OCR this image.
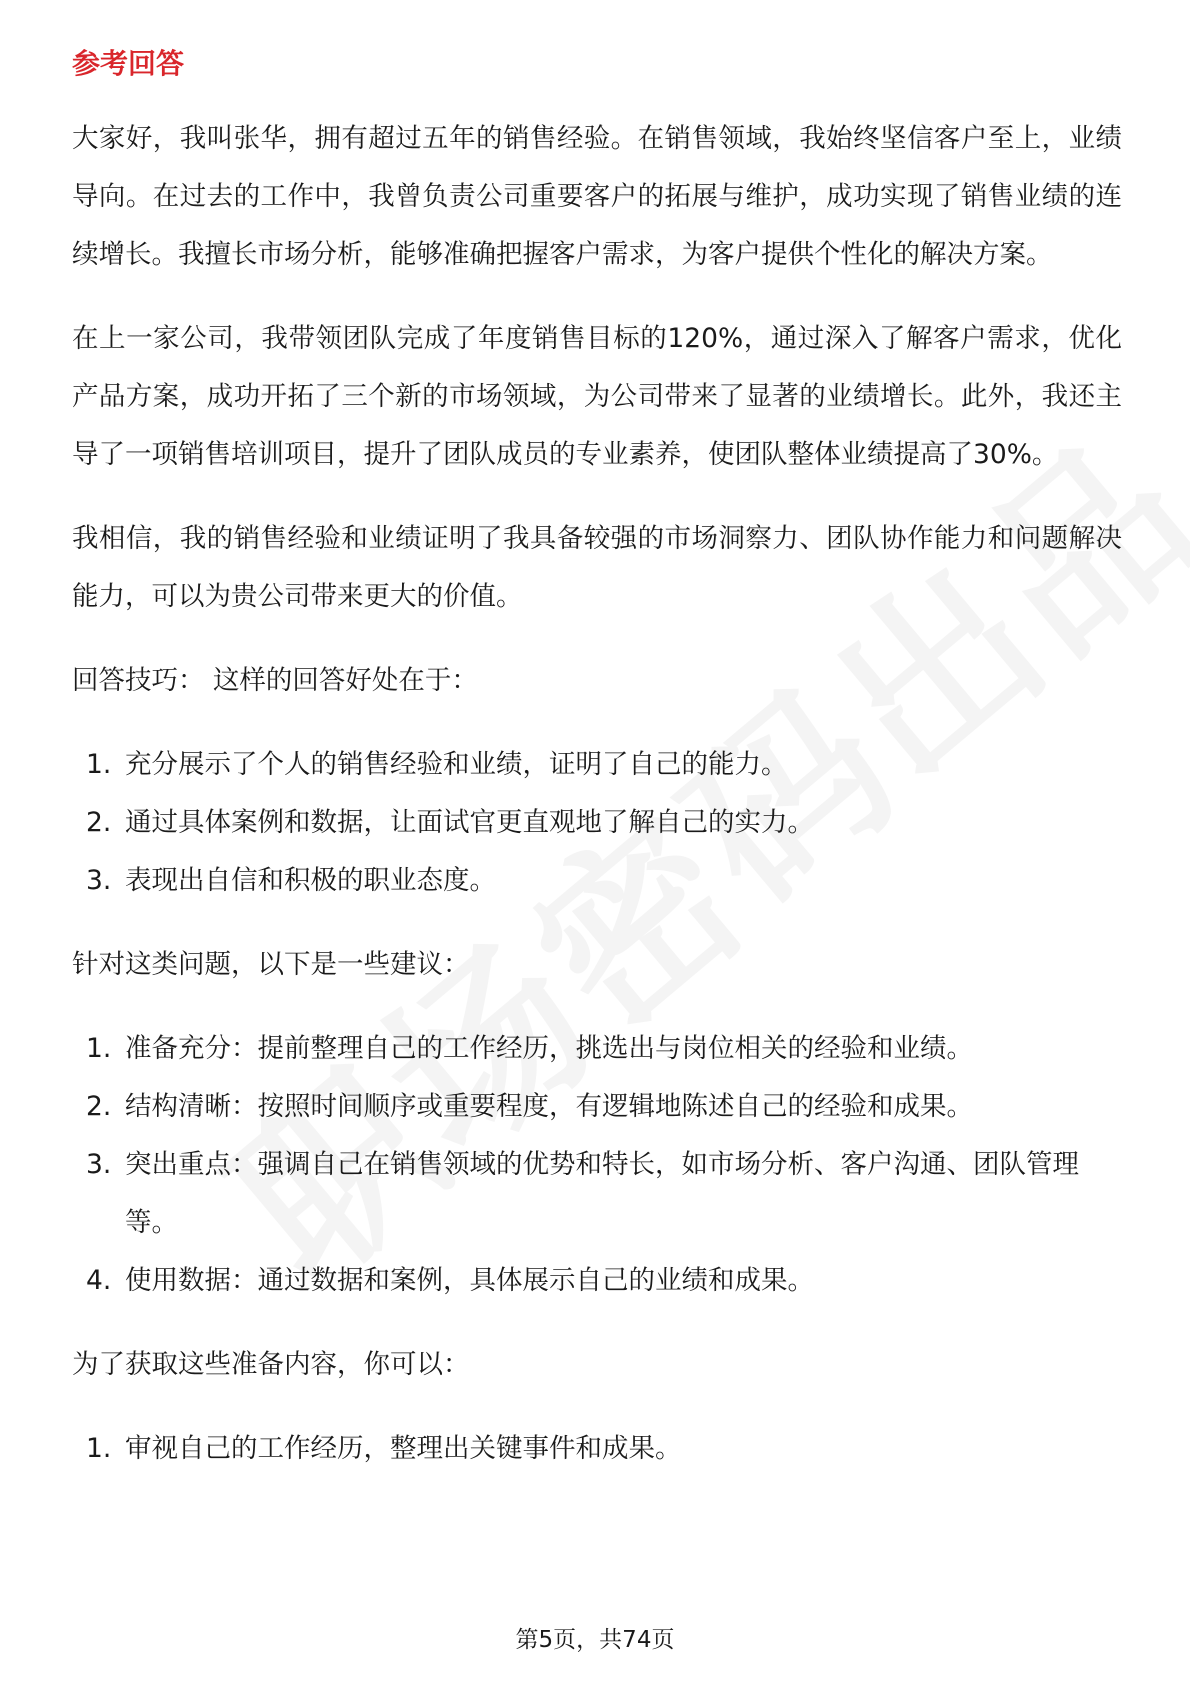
参考回答

大家好，我叫张华，拥有超过五年的销售经验。在销售领域，我始终坚信客户至上，业绩导向。在过去的工作中，我曾负责公司重要客户的拓展与维护，成功实现了销售业绩的连续增长。我擅长市场分析，能够准确把握客户需求，为客户提供个性化的解决方案。

在上一家公司，我带领团队完成了年度销售目标的120%，通过深入了解客户需求，优化产品方案，成功开拓了三个新的市场领域，为公司带来了显著的业绩增长。此外，我还主导了一项销售培训项目，提升了团队成员的专业素养，使团队整体业绩提高了30%。

我相信，我的销售经验和业绩证明了我具备较强的市场洞察力、团队协作能力和问题解决能力，可以为贵公司带来更大的价值。

回答技巧： 这样的回答好处在于：

1. 充分展示了个人的销售经验和业绩，证明了自己的能力。
2. 通过具体案例和数据，让面试官更直观地了解自己的实力。
3. 表现出自信和积极的职业态度。

针对这类问题，以下是一些建议：

1. 准备充分：提前整理自己的工作经历，挑选出与岗位相关的经验和业绩。
2. 结构清晰：按照时间顺序或重要程度，有逻辑地陈述自己的经验和成果。
3. 突出重点：强调自己在销售领域的优势和特长，如市场分析、客户沟通、团队管理等。
4. 使用数据：通过数据和案例，具体展示自己的业绩和成果。

为了获取这些准备内容，你可以：

1. 审视自己的工作经历，整理出关键事件和成果。
第5页，共74页
